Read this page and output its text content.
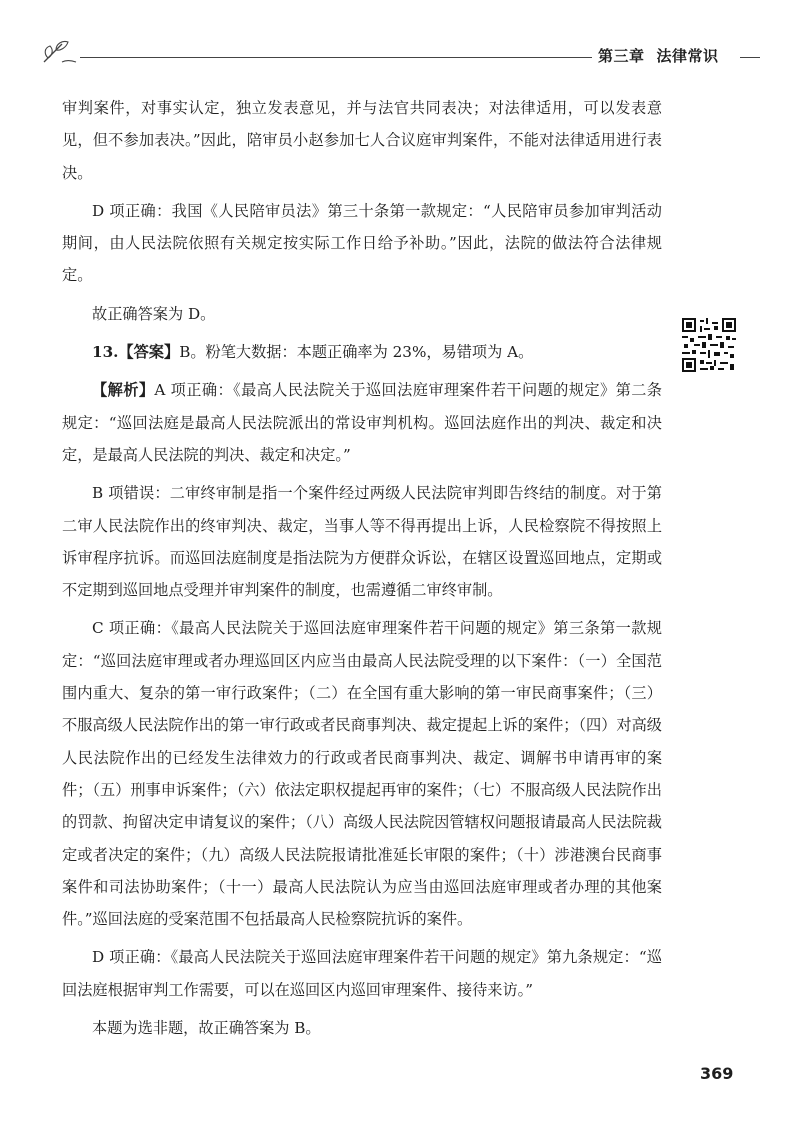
第三章 法律常识

审判案件，对事实认定，独立发表意见，并与法官共同表决；对法律适用，可以发表意见，但不参加表决。”因此，陪审员小赵参加七人合议庭审判案件，不能对法律适用进行表决。

D 项正确：我国《人民陪审员法》第三十条第一款规定：“人民陪审员参加审判活动期间，由人民法院依照有关规定按实际工作日给予补助。”因此，法院的做法符合法律规定。

故正确答案为 D。

13.【答案】B。粉笔大数据：本题正确率为 23%，易错项为 A。

【解析】A 项正确：《最高人民法院关于巡回法庭审理案件若干问题的规定》第二条规定：“巡回法庭是最高人民法院派出的常设审判机构。巡回法庭作出的判决、裁定和决定，是最高人民法院的判决、裁定和决定。”

B 项错误：二审终审制是指一个案件经过两级人民法院审判即告终结的制度。对于第二审人民法院作出的终审判决、裁定，当事人等不得再提出上诉，人民检察院不得按照上诉审程序抗诉。而巡回法庭制度是指法院为方便群众诉讼，在辖区设置巡回地点，定期或不定期到巡回地点受理并审判案件的制度，也需遵循二审终审制。

C 项正确：《最高人民法院关于巡回法庭审理案件若干问题的规定》第三条第一款规定：“巡回法庭审理或者办理巡回区内应当由最高人民法院受理的以下案件：（一）全国范围内重大、复杂的第一审行政案件；（二）在全国有重大影响的第一审民商事案件；（三）不服高级人民法院作出的第一审行政或者民商事判决、裁定提起上诉的案件；（四）对高级人民法院作出的已经发生法律效力的行政或者民商事判决、裁定、调解书申请再审的案件；（五）刑事申诉案件；（六）依法定职权提起再审的案件；（七）不服高级人民法院作出的罚款、拘留决定申请复议的案件；（八）高级人民法院因管辖权问题报请最高人民法院裁定或者决定的案件；（九）高级人民法院报请批准延长审限的案件；（十）涉港澳台民商事案件和司法协助案件；（十一）最高人民法院认为应当由巡回法庭审理或者办理的其他案件。”巡回法庭的受案范围不包括最高人民检察院抗诉的案件。

D 项正确：《最高人民法院关于巡回法庭审理案件若干问题的规定》第九条规定：“巡回法庭根据审判工作需要，可以在巡回区内巡回审理案件、接待来访。”

本题为选非题，故正确答案为 B。

369
